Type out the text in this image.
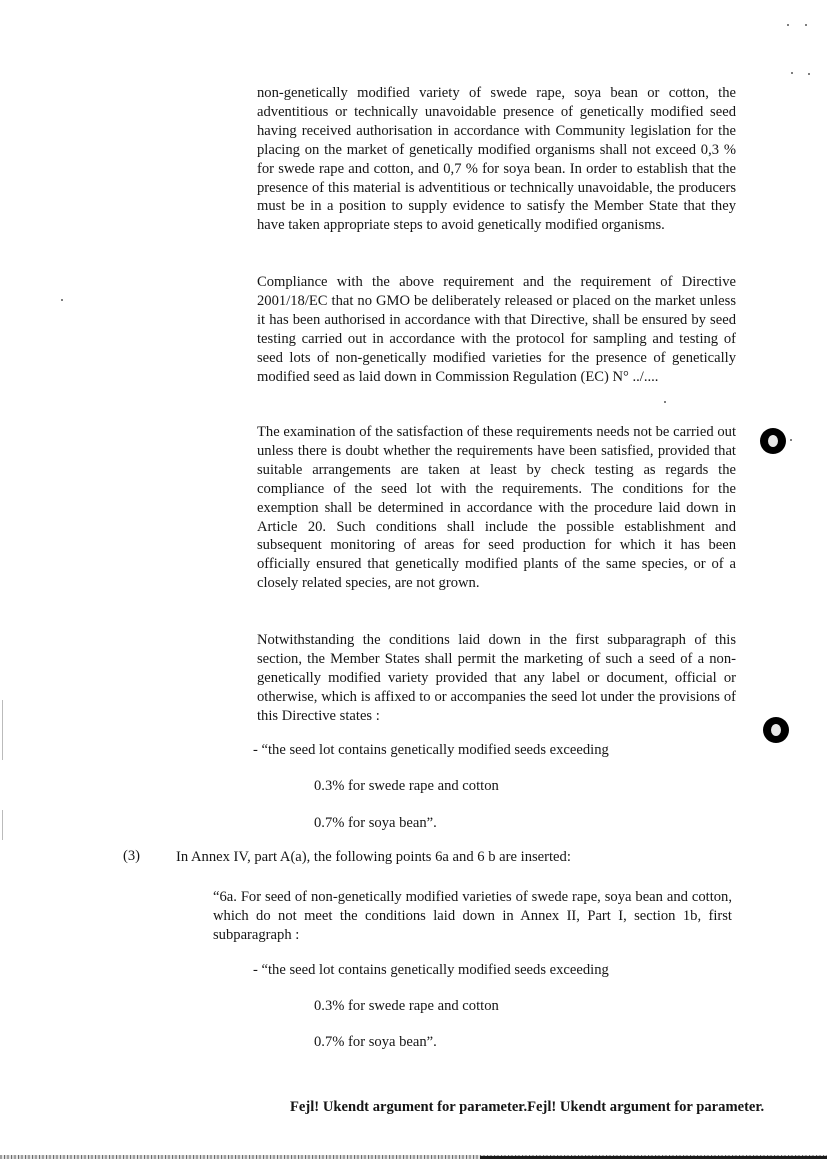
non-genetically modified variety of swede rape, soya bean or cotton, the adventitious or technically unavoidable presence of genetically modified seed having received authorisation in accordance with Community legislation for the placing on the market of genetically modified organisms shall not exceed 0,3 % for swede rape and cotton, and 0,7 % for soya bean. In order to establish that the presence of this material is adventitious or technically unavoidable, the producers must be in a position to supply evidence to satisfy the Member State that they have taken appropriate steps to avoid genetically modified organisms.

Compliance with the above requirement and the requirement of Directive 2001/18/EC that no GMO be deliberately released or placed on the market unless it has been authorised in accordance with that Directive, shall be ensured by seed testing carried out in accordance with the protocol for sampling and testing of seed lots of non-genetically modified varieties for the presence of genetically modified seed as laid down in Commission Regulation (EC) N° ../....

The examination of the satisfaction of these requirements needs not be carried out unless there is doubt whether the requirements have been satisfied, provided that suitable arrangements are taken at least by check testing as regards the compliance of the seed lot with the requirements. The conditions for the exemption shall be determined in accordance with the procedure laid down in Article 20. Such conditions shall include the possible establishment and subsequent monitoring of areas for seed production for which it has been officially ensured that genetically modified plants of the same species, or of a closely related species, are not grown.

Notwithstanding the conditions laid down in the first subparagraph of this section, the Member States shall permit the marketing of such a seed of a non-genetically modified variety provided that any label or document, official or otherwise, which is affixed to or accompanies the seed lot under the provisions of this Directive states :

- “the seed lot contains genetically modified seeds exceeding

0.3% for swede rape and cotton

0.7% for soya bean”.

(3) In Annex IV, part A(a), the following points 6a and 6 b are inserted:

“6a. For seed of non-genetically modified varieties of swede rape, soya bean and cotton, which do not meet the conditions laid down in Annex II, Part I, section 1b, first subparagraph :

- “the seed lot contains genetically modified seeds exceeding

0.3% for swede rape and cotton

0.7% for soya bean”.

Fejl! Ukendt argument for parameter.Fejl! Ukendt argument for parameter.
